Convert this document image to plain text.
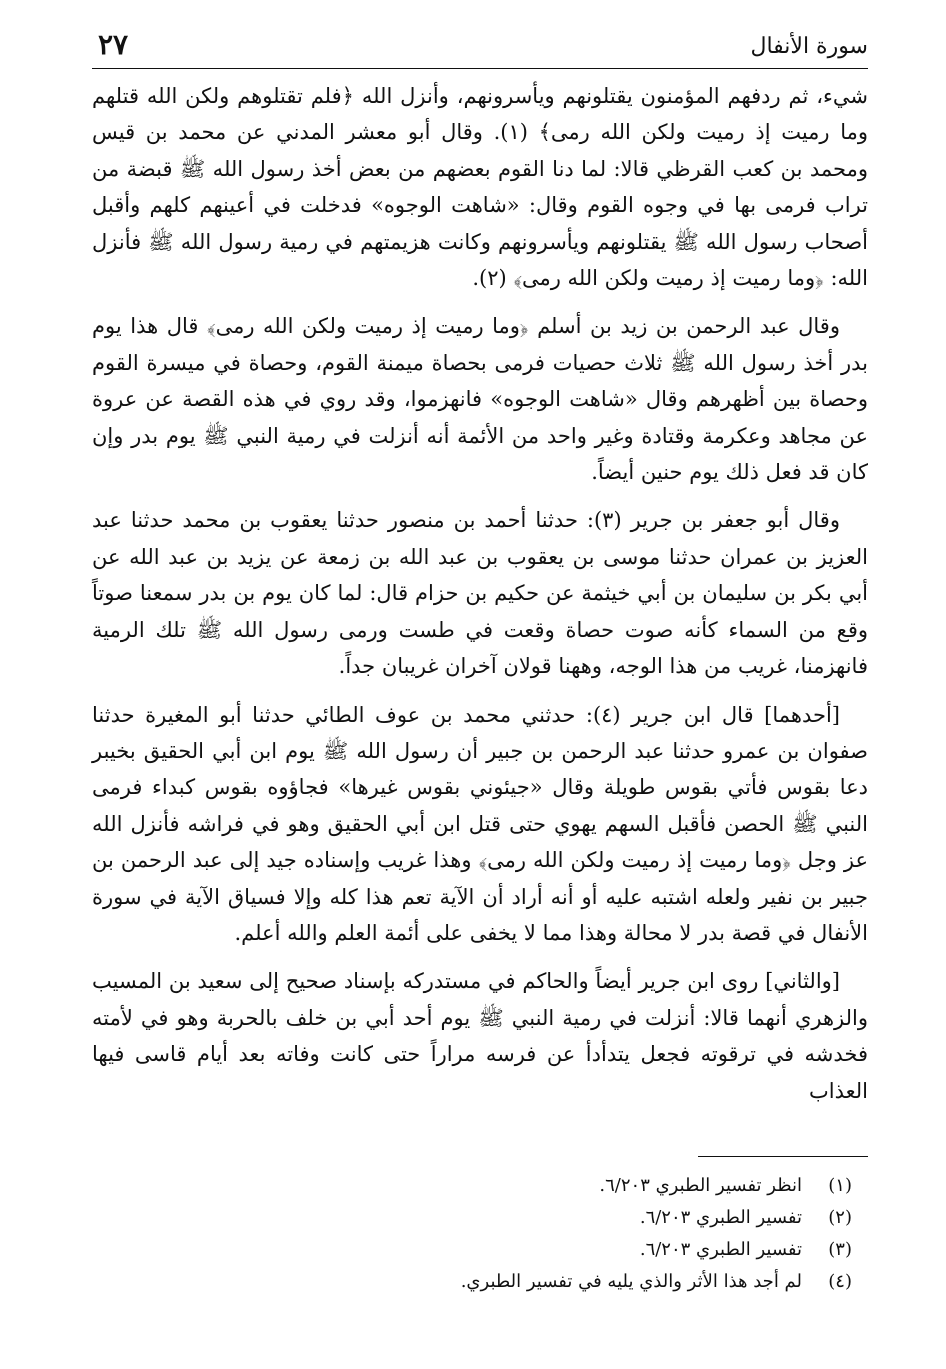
سورة الأنفال
٢٧

شيء، ثم ردفهم المؤمنون يقتلونهم ويأسرونهم، وأنزل الله ﴿فلم تقتلوهم ولكن الله قتلهم وما رميت إذ رميت ولكن الله رمى﴾ (١). وقال أبو معشر المدني عن محمد بن قيس ومحمد بن كعب القرظي قالا: لما دنا القوم بعضهم من بعض أخذ رسول الله ﷺ قبضة من تراب فرمى بها في وجوه القوم وقال: «شاهت الوجوه» فدخلت في أعينهم كلهم وأقبل أصحاب رسول الله ﷺ يقتلونهم ويأسرونهم وكانت هزيمتهم في رمية رسول الله ﷺ فأنزل الله: ﴿وما رميت إذ رميت ولكن الله رمى﴾ (٢).

وقال عبد الرحمن بن زيد بن أسلم ﴿وما رميت إذ رميت ولكن الله رمى﴾ قال هذا يوم بدر أخذ رسول الله ﷺ ثلاث حصيات فرمى بحصاة ميمنة القوم، وحصاة في ميسرة القوم وحصاة بين أظهرهم وقال «شاهت الوجوه» فانهزموا، وقد روي في هذه القصة عن عروة عن مجاهد وعكرمة وقتادة وغير واحد من الأئمة أنه أنزلت في رمية النبي ﷺ يوم بدر وإن كان قد فعل ذلك يوم حنين أيضاً.

وقال أبو جعفر بن جرير (٣): حدثنا أحمد بن منصور حدثنا يعقوب بن محمد حدثنا عبد العزيز بن عمران حدثنا موسى بن يعقوب بن عبد الله بن زمعة عن يزيد بن عبد الله عن أبي بكر بن سليمان بن أبي خيثمة عن حكيم بن حزام قال: لما كان يوم بن بدر سمعنا صوتاً وقع من السماء كأنه صوت حصاة وقعت في طست ورمى رسول الله ﷺ تلك الرمية فانهزمنا، غريب من هذا الوجه، وههنا قولان آخران غريبان جداً.

[أحدهما] قال ابن جرير (٤): حدثني محمد بن عوف الطائي حدثنا أبو المغيرة حدثنا صفوان بن عمرو حدثنا عبد الرحمن بن جبير أن رسول الله ﷺ يوم ابن أبي الحقيق بخيبر دعا بقوس فأتي بقوس طويلة وقال «جيئوني بقوس غيرها» فجاؤوه بقوس كبداء فرمى النبي ﷺ الحصن فأقبل السهم يهوي حتى قتل ابن أبي الحقيق وهو في فراشه فأنزل الله عز وجل ﴿وما رميت إذ رميت ولكن الله رمى﴾ وهذا غريب وإسناده جيد إلى عبد الرحمن بن جبير بن نفير ولعله اشتبه عليه أو أنه أراد أن الآية تعم هذا كله وإلا فسياق الآية في سورة الأنفال في قصة بدر لا محالة وهذا مما لا يخفى على أئمة العلم والله أعلم.

[والثاني] روى ابن جرير أيضاً والحاكم في مستدركه بإسناد صحيح إلى سعيد بن المسيب والزهري أنهما قالا: أنزلت في رمية النبي ﷺ يوم أحد أبي بن خلف بالحربة وهو في لأمته فخدشه في ترقوته فجعل يتدأدأ عن فرسه مراراً حتى كانت وفاته بعد أيام قاسى فيها العذاب

(١)
انظر تفسير الطبري ٦/٢٠٣.
(٢)
تفسير الطبري ٦/٢٠٣.
(٣)
تفسير الطبري ٦/٢٠٣.
(٤)
لم أجد هذا الأثر والذي يليه في تفسير الطبري.
